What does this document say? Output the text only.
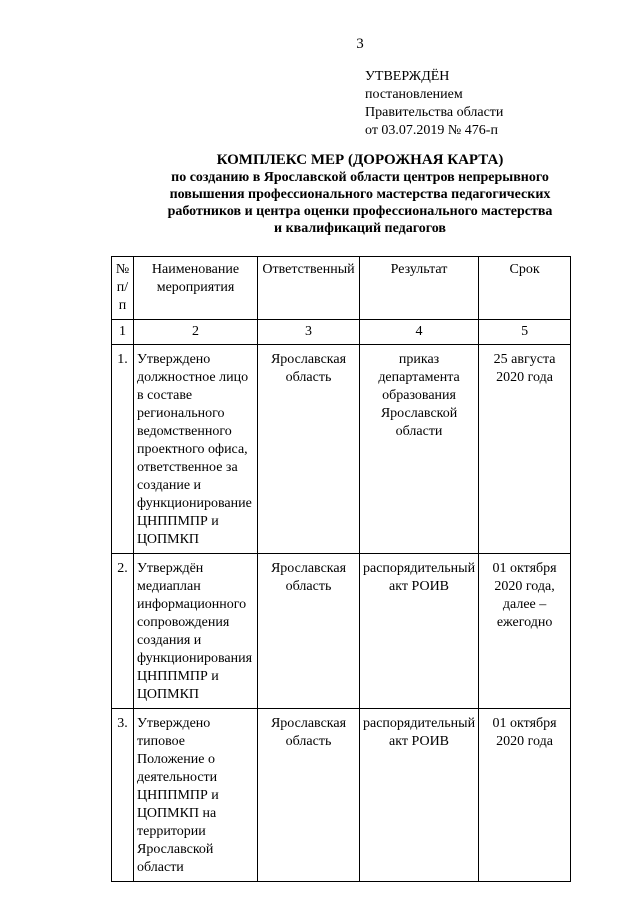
3
УТВЕРЖДЁН
постановлением
Правительства области
от 03.07.2019 № 476-п
КОМПЛЕКС МЕР (ДОРОЖНАЯ КАРТА)
по созданию в Ярославской области центров непрерывного
повышения профессионального мастерства педагогических
работников и центра оценки профессионального мастерства
и квалификаций педагогов
№ п/п	Наименование мероприятия	Ответственный	Результат	Срок
1	2	3	4	5
1.	Утверждено должностное лицо в составе регионального ведомственного проектного офиса, ответственное за создание и функционирование ЦНППМПР и ЦОПМКП	Ярославская область	приказ департамента образования Ярославской области	25 августа 2020 года
2.	Утверждён медиаплан информационного сопровождения создания и функционирования ЦНППМПР и ЦОПМКП	Ярославская область	распорядительный акт РОИВ	01 октября 2020 года, далее – ежегодно
3.	Утверждено типовое Положение о деятельности ЦНППМПР и ЦОПМКП на территории Ярославской области	Ярославская область	распорядительный акт РОИВ	01 октября 2020 года
